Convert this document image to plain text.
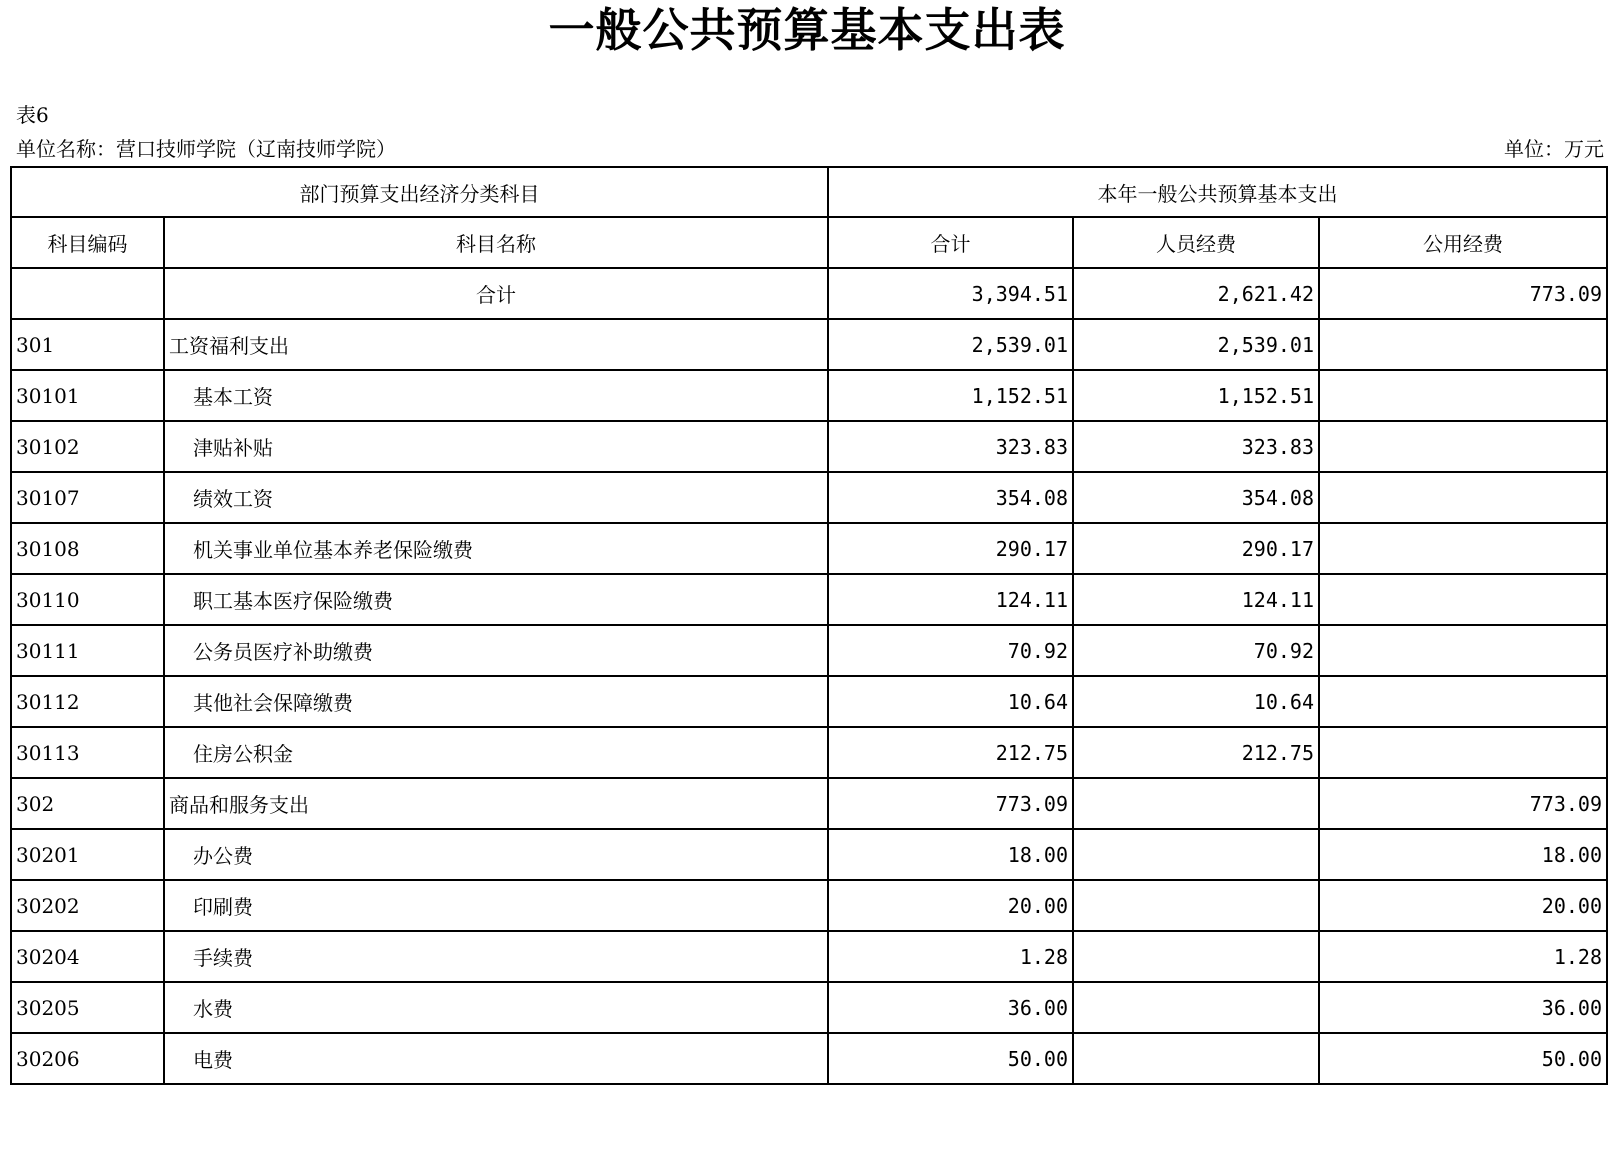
一般公共预算基本支出表
表6
单位名称：营口技师学院（辽南技师学院）	单位：万元
部门预算支出经济分类科目		本年一般公共预算基本支出		
科目编码	科目名称	合计	人员经费	公用经费
	合计	3,394.51	2,621.42	773.09
301	工资福利支出	2,539.01	2,539.01	
30101	基本工资	1,152.51	1,152.51	
30102	津贴补贴	323.83	323.83	
30107	绩效工资	354.08	354.08	
30108	机关事业单位基本养老保险缴费	290.17	290.17	
30110	职工基本医疗保险缴费	124.11	124.11	
30111	公务员医疗补助缴费	70.92	70.92	
30112	其他社会保障缴费	10.64	10.64	
30113	住房公积金	212.75	212.75	
302	商品和服务支出	773.09		773.09
30201	办公费	18.00		18.00
30202	印刷费	20.00		20.00
30204	手续费	1.28		1.28
30205	水费	36.00		36.00
30206	电费	50.00		50.00
